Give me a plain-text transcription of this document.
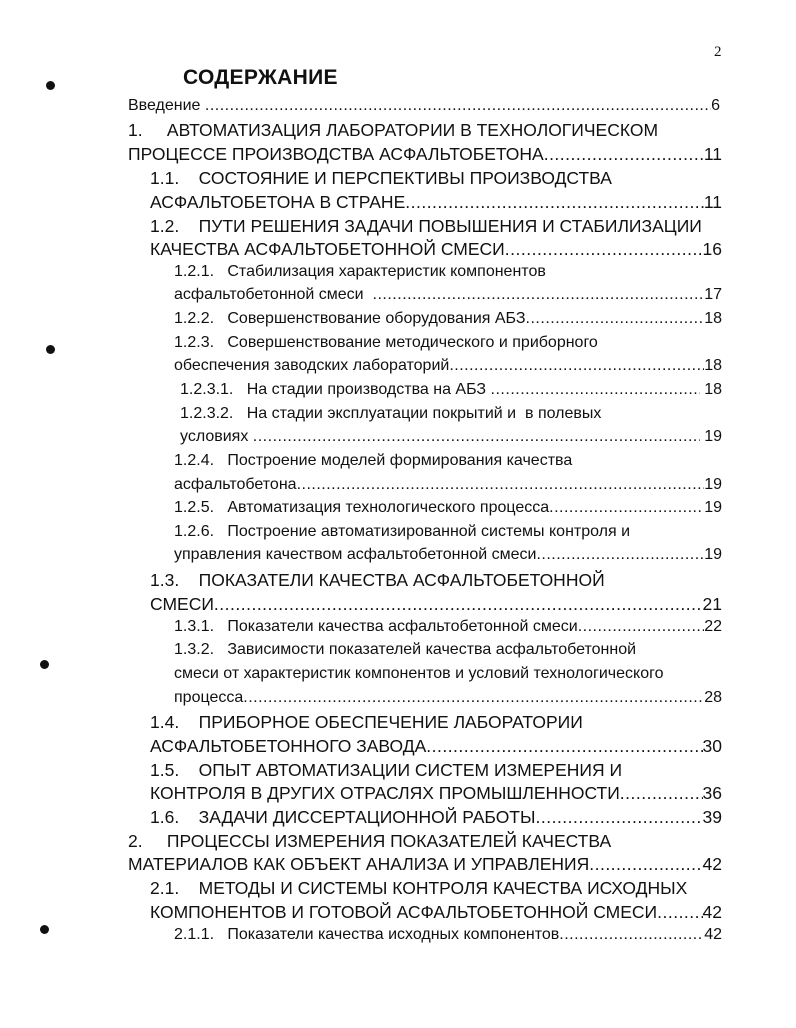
2
СОДЕРЖАНИЕ
Введение .....	6
1.     АВТОМАТИЗАЦИЯ ЛАБОРАТОРИИ В ТЕХНОЛОГИЧЕСКОМ
ПРОЦЕССЕ ПРОИЗВОДСТВА АСФАЛЬТОБЕТОНА .....	11
1.1.    СОСТОЯНИЕ И ПЕРСПЕКТИВЫ ПРОИЗВОДСТВА
АСФАЛЬТОБЕТОНА В СТРАНЕ .....	11
1.2.    ПУТИ РЕШЕНИЯ ЗАДАЧИ ПОВЫШЕНИЯ И СТАБИЛИЗАЦИИ
КАЧЕСТВА АСФАЛЬТОБЕТОННОЙ СМЕСИ .....	16
1.2.1.   Стабилизация характеристик компонентов
асфальтобетонной смеси .....	17
1.2.2.   Совершенствование оборудования АБЗ .....	18
1.2.3.   Совершенствование методического и приборного
обеспечения заводских лабораторий .....	18
1.2.3.1.   На стадии производства на АБЗ .....	18
1.2.3.2.   На стадии эксплуатации покрытий и  в полевых
условиях .....	19
1.2.4.   Построение моделей формирования качества
асфальтобетона .....	19
1.2.5.   Автоматизация технологического процесса .....	19
1.2.6.   Построение автоматизированной системы контроля и
управления качеством асфальтобетонной смеси .....	19
1.3.    ПОКАЗАТЕЛИ КАЧЕСТВА АСФАЛЬТОБЕТОННОЙ
СМЕСИ .....	21
1.3.1.   Показатели качества асфальтобетонной смеси .....	22
1.3.2.   Зависимости показателей качества асфальтобетонной
смеси от характеристик компонентов и условий технологического
процесса .....	28
1.4.    ПРИБОРНОЕ ОБЕСПЕЧЕНИЕ ЛАБОРАТОРИИ
АСФАЛЬТОБЕТОННОГО ЗАВОДА .....	30
1.5.    ОПЫТ АВТОМАТИЗАЦИИ СИСТЕМ ИЗМЕРЕНИЯ И
КОНТРОЛЯ В ДРУГИХ ОТРАСЛЯХ ПРОМЫШЛЕННОСТИ .....	36
1.6.    ЗАДАЧИ ДИССЕРТАЦИОННОЙ РАБОТЫ .....	39
2.     ПРОЦЕССЫ ИЗМЕРЕНИЯ ПОКАЗАТЕЛЕЙ КАЧЕСТВА
МАТЕРИАЛОВ КАК ОБЪЕКТ АНАЛИЗА И УПРАВЛЕНИЯ .....	42
2.1.    МЕТОДЫ И СИСТЕМЫ КОНТРОЛЯ КАЧЕСТВА ИСХОДНЫХ
КОМПОНЕНТОВ И ГОТОВОЙ АСФАЛЬТОБЕТОННОЙ СМЕСИ .....	42
2.1.1.   Показатели качества исходных компонентов .....	42
